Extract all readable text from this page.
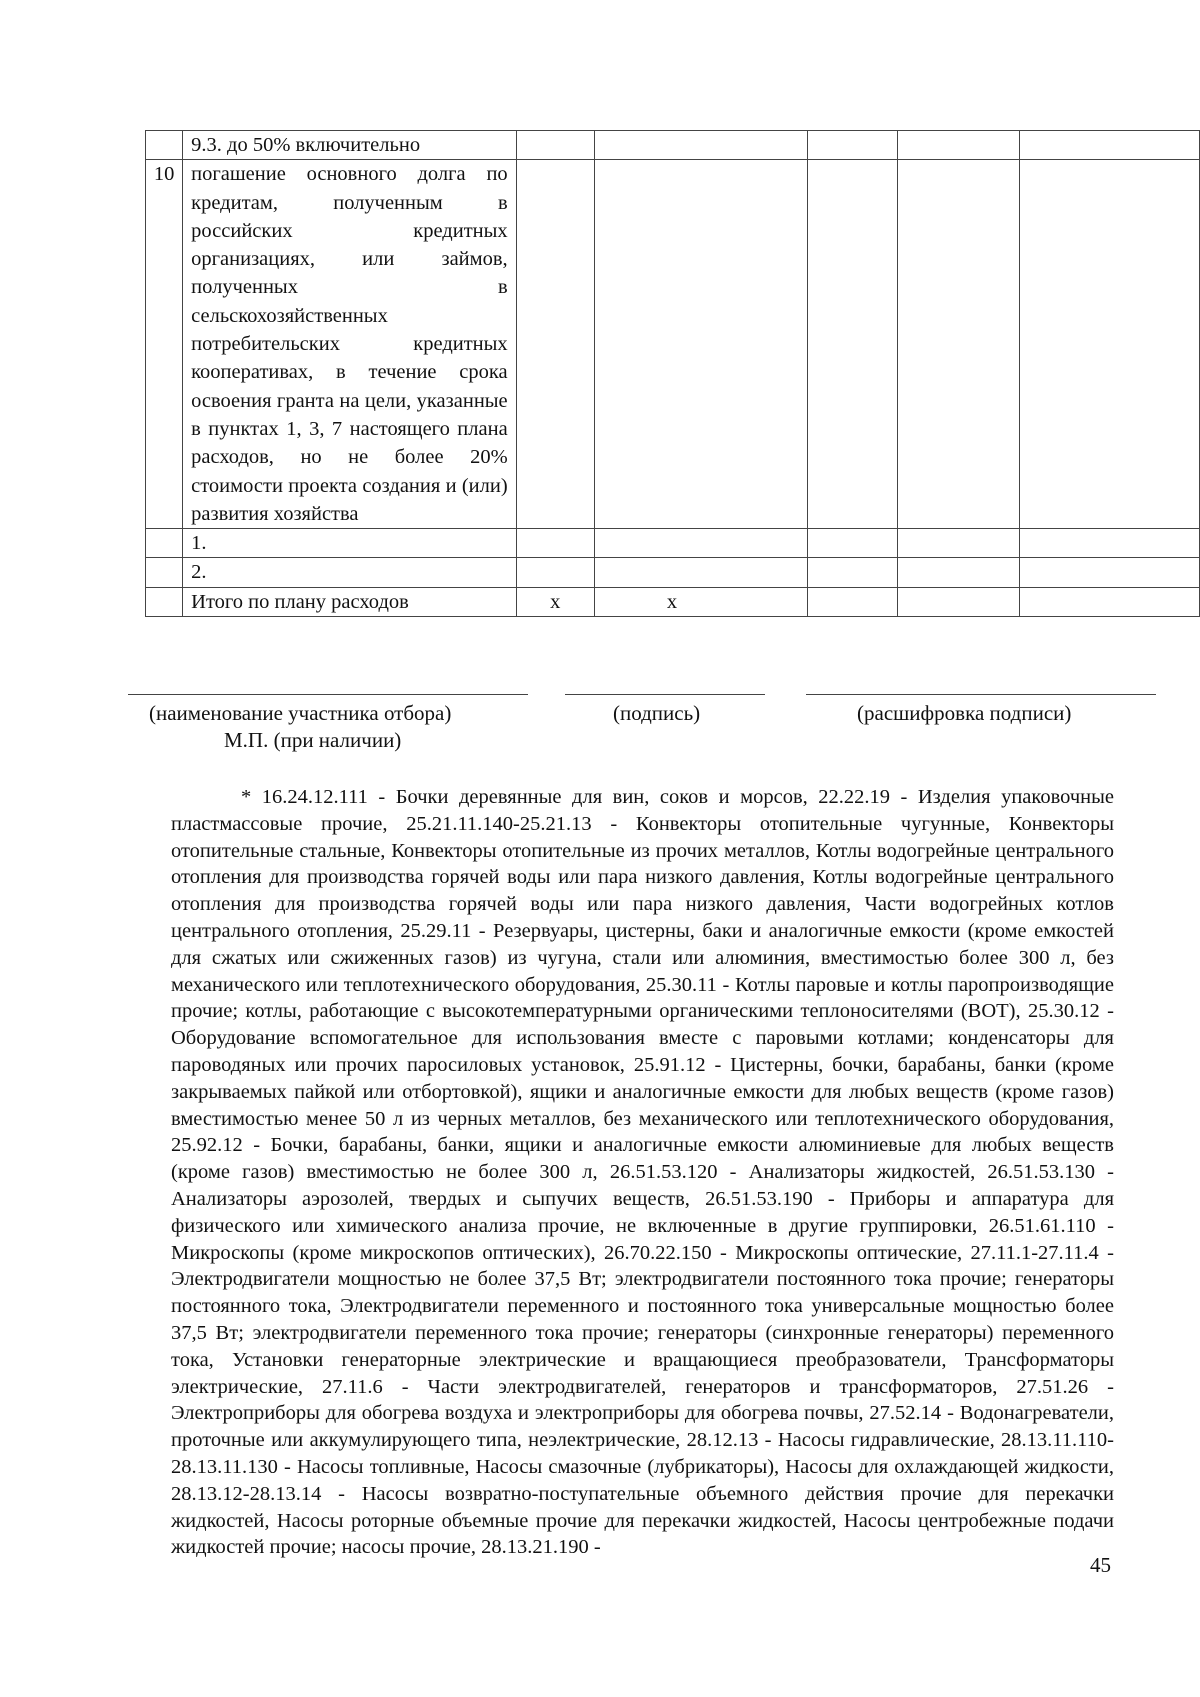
	9.3. до 50% включительно					
10	погашение основного долга по кредитам, полученным в российских кредитных организациях, или займов, полученных в сельскохозяйственных потребительских кредитных кооперативах, в течение срока освоения гранта на цели, указанные в пунктах 1, 3, 7 настоящего плана расходов, но не более 20% стоимости проекта создания и (или) развития хозяйства					
	1.					
	2.					
	Итого по плану расходов	х	х			
(наименование участника отбора)
М.П. (при наличии)
(подпись)	(расшифровка подписи)
* 16.24.12.111 - Бочки деревянные для вин, соков и морсов, 22.22.19 - Изделия упаковочные пластмассовые прочие, 25.21.11.140-25.21.13 - Конвекторы отопительные чугунные, Конвекторы отопительные стальные, Конвекторы отопительные из прочих металлов, Котлы водогрейные центрального отопления для производства горячей воды или пара низкого давления, Котлы водогрейные центрального отопления для производства горячей воды или пара низкого давления, Части водогрейных котлов центрального отопления, 25.29.11 - Резервуары, цистерны, баки и аналогичные емкости (кроме емкостей для сжатых или сжиженных газов) из чугуна, стали или алюминия, вместимостью более 300 л, без механического или теплотехнического оборудования, 25.30.11 - Котлы паровые и котлы паропроизводящие прочие; котлы, работающие с высокотемпературными органическими теплоносителями (ВОТ), 25.30.12 - Оборудование вспомогательное для использования вместе с паровыми котлами; конденсаторы для пароводяных или прочих паросиловых установок, 25.91.12 - Цистерны, бочки, барабаны, банки (кроме закрываемых пайкой или отбортовкой), ящики и аналогичные емкости для любых веществ (кроме газов) вместимостью менее 50 л из черных металлов, без механического или теплотехнического оборудования, 25.92.12 - Бочки, барабаны, банки, ящики и аналогичные емкости алюминиевые для любых веществ (кроме газов) вместимостью не более 300 л, 26.51.53.120 - Анализаторы жидкостей, 26.51.53.130 - Анализаторы аэрозолей, твердых и сыпучих веществ, 26.51.53.190 - Приборы и аппаратура для физического или химического анализа прочие, не включенные в другие группировки, 26.51.61.110 - Микроскопы (кроме микроскопов оптических), 26.70.22.150 - Микроскопы оптические, 27.11.1-27.11.4 - Электродвигатели мощностью не более 37,5 Вт; электродвигатели постоянного тока прочие; генераторы постоянного тока, Электродвигатели переменного и постоянного тока универсальные мощностью более 37,5 Вт; электродвигатели переменного тока прочие; генераторы (синхронные генераторы) переменного тока, Установки генераторные электрические и вращающиеся преобразователи, Трансформаторы электрические, 27.11.6 - Части электродвигателей, генераторов и трансформаторов, 27.51.26 - Электроприборы для обогрева воздуха и электроприборы для обогрева почвы, 27.52.14 - Водонагреватели, проточные или аккумулирующего типа, неэлектрические, 28.12.13 - Насосы гидравлические, 28.13.11.110-28.13.11.130 - Насосы топливные, Насосы смазочные (лубрикаторы), Насосы для охлаждающей жидкости, 28.13.12-28.13.14 - Насосы возвратно-поступательные объемного действия прочие для перекачки жидкостей, Насосы роторные объемные прочие для перекачки жидкостей, Насосы центробежные подачи жидкостей прочие; насосы прочие, 28.13.21.190 -
45
